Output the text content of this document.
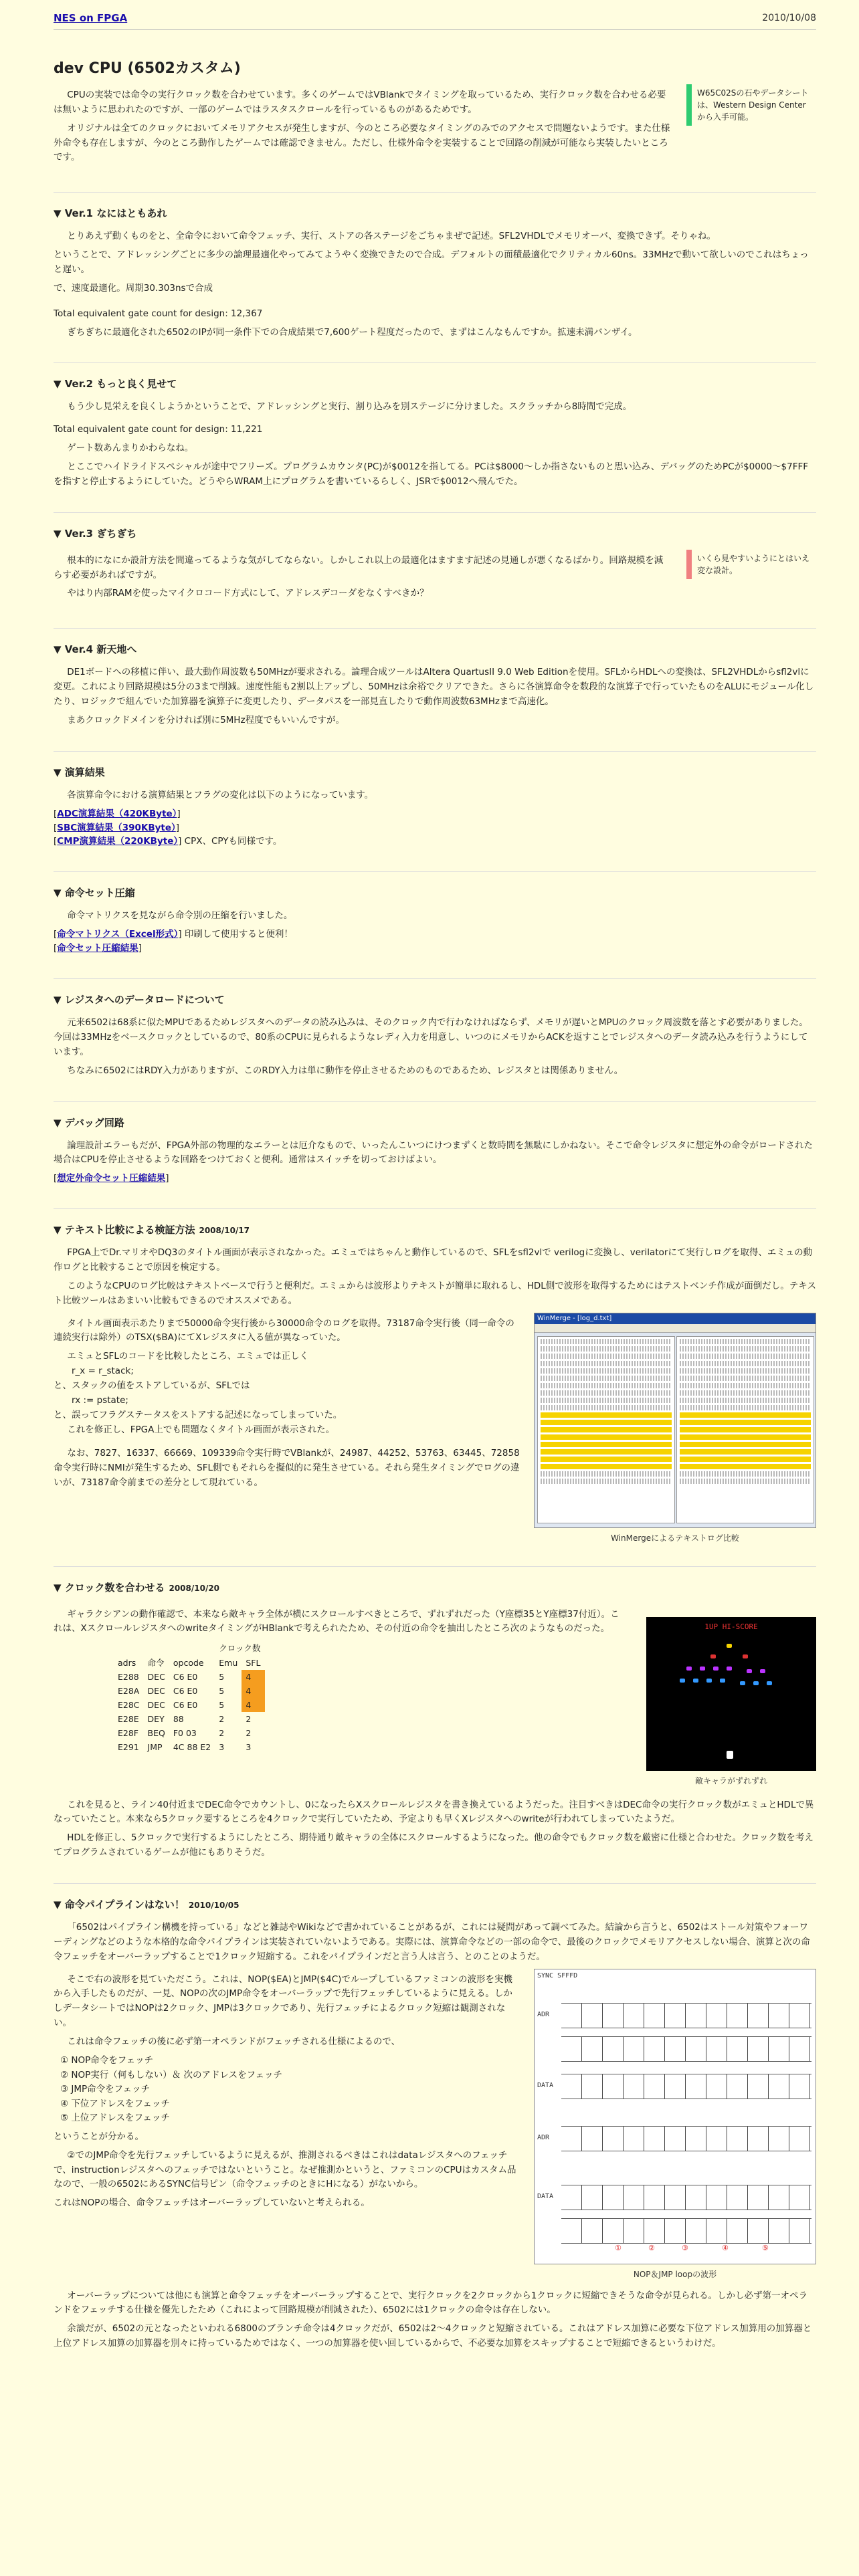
NES on FPGA	2010/10/08
dev CPU (6502カスタム)

CPUの実装では命令の実行クロック数を合わせています。多くのゲームではVBlankでタイミングを取っているため、実行クロック数を合わせる必要は無いように思われたのですが、一部のゲームではラスタスクロールを行っているものがあるためです。

オリジナルは全てのクロックにおいてメモリアクセスが発生しますが、今のところ必要なタイミングのみでのアクセスで問題ないようです。また仕様外命令も存在しますが、今のところ動作したゲームでは確認できません。ただし、仕様外命令を実装することで回路の削減が可能なら実装したいところです。

W65C02Sの石やデータシートは、Western Design Centerから入手可能。
▼ Ver.1 なにはともあれ

とりあえず動くものをと、全命令において命令フェッチ、実行、ストアの各ステージをごちゃまぜで記述。SFL2VHDLでメモリオーバ、変換できず。そりゃね。

ということで、アドレッシングごとに多少の論理最適化やってみてようやく変換できたので合成。デフォルトの面積最適化でクリティカル60ns。33MHzで動いて欲しいのでこれはちょっと遅い。

で、速度最適化。周期30.303nsで合成

Total equivalent gate count for design: 12,367

ぎちぎちに最適化された6502のIPが同一条件下での合成結果で7,600ゲート程度だったので、まずはこんなもんですか。拡速未満バンザイ。

▼ Ver.2 もっと良く見せて

もう少し見栄えを良くしようかということで、アドレッシングと実行、割り込みを別ステージに分けました。スクラッチから8時間で完成。

Total equivalent gate count for design: 11,221

ゲート数あんまりかわらなね。

とここでハイドライドスペシャルが途中でフリーズ。プログラムカウンタ(PC)が$0012を指してる。PCは$8000〜しか指さないものと思い込み、デバッグのためPCが$0000〜$7FFFを指すと停止するようにしていた。どうやらWRAM上にプログラムを書いているらしく、JSRで$0012へ飛んでた。

▼ Ver.3 ぎちぎち

根本的になにか設計方法を間違ってるような気がしてならない。しかしこれ以上の最適化はますます記述の見通しが悪くなるばかり。回路規模を減らす必要があればですが。

やはり内部RAMを使ったマイクロコード方式にして、アドレスデコーダをなくすべきか？

いくら見やすいようにとはいえ変な設計。
▼ Ver.4 新天地へ

DE1ボードへの移植に伴い、最大動作周波数も50MHzが要求される。論理合成ツールはAltera QuartusII 9.0 Web Editionを使用。SFLからHDLへの変換は、SFL2VHDLからsfl2vlに変更。これにより回路規模は5分の3まで削減。速度性能も2割以上アップし、50MHzは余裕でクリアできた。さらに各演算命令を数段的な演算子で行っていたものをALUにモジュール化したり、ロジックで組んでいた加算器を演算子に変更したり、データパスを一部見直したりで動作周波数63MHzまで高速化。

まあクロックドメインを分ければ別に5MHz程度でもいいんですが。

▼ 演算結果

各演算命令における演算結果とフラグの変化は以下のようになっています。

[ADC演算結果（420KByte）]
[SBC演算結果（390KByte）]
[CMP演算結果（220KByte）] CPX、CPYも同様です。
▼ 命令セット圧縮

命令マトリクスを見ながら命令別の圧縮を行いました。

[命令マトリクス（Excel形式）] 印刷して使用すると便利！
[命令セット圧縮結果]
▼ レジスタへのデータロードについて

元来6502は68系に似たMPUであるためレジスタへのデータの読み込みは、そのクロック内で行わなければならず、メモリが遅いとMPUのクロック周波数を落とす必要がありました。今回は33MHzをベースクロックとしているので、80系のCPUに見られるようなレディ入力を用意し、いつのにメモリからACKを返すことでレジスタへのデータ読み込みを行うようにしています。

ちなみに6502にはRDY入力がありますが、このRDY入力は単に動作を停止させるためのものであるため、レジスタとは関係ありません。

▼ デバッグ回路

論理設計エラーもだが、FPGA外部の物理的なエラーとは厄介なもので、いったんこいつにけつまずくと数時間を無駄にしかねない。そこで命令レジスタに想定外の命令がロードされた場合はCPUを停止させるような回路をつけておくと便利。通常はスイッチを切っておけばよい。

[想定外命令セット圧縮結果]
▼ テキスト比較による検証方法 2008/10/17

FPGA上でDr.マリオやDQ3のタイトル画面が表示されなかった。エミュではちゃんと動作しているので、SFLをsfl2vlで verilogに変換し、verilatorにて実行しログを取得、エミュの動作ログと比較することで原因を検定する。

このようなCPUのログ比較はテキストベースで行うと便利だ。エミュからは波形よりテキストが簡単に取れるし、HDL側で波形を取得するためにはテストベンチ作成が面倒だし。テキスト比較ツールはあまいい比較もできるのでオススメである。

タイトル画面表示あたりまで50000命令実行後から30000命令のログを取得。73187命令実行後（同一命令の連続実行は除外）のTSX($BA)にてXレジスタに入る値が異なっていた。

エミュとSFLのコードを比較したところ、エミュでは正しく

r_x = r_stack;

と、スタックの値をストアしているが、SFLでは

rx := pstate;

と、誤ってフラグステータスをストアする記述になってしまっていた。

これを修正し、FPGA上でも問題なくタイトル画面が表示された。

なお、7827、16337、66669、109339命令実行時でVBlankが、24987、44252、53763、63445、72858命令実行時にNMIが発生するため、SFL側でもそれらを擬似的に発生させている。それら発生タイミングでログの違いが、73187命令前までの差分として現れている。

WinMerge - [log_d.txt]
WinMergeによるテキストログ比較
▼ クロック数を合わせる 2008/10/20

ギャラクシアンの動作確認で、本来なら敵キャラ全体が横にスクロールすべきところで、ずれずれだった（Y座標35とY座標37付近）。これは、XスクロールレジスタへのwriteタイミングがHBlankで考えられたため、その付近の命令を抽出したところ次のようなものだった。

			クロック数	
adrs	命令	opcode	Emu	SFL
E288	DEC	C6 E0	5	4
E28A	DEC	C6 E0	5	4
E28C	DEC	C6 E0	5	4
E28E	DEY	88	2	2
E28F	BEQ	F0 03	2	2
E291	JMP	4C 88 E2	3	3
1UP HI-SCORE
敵キャラがずれずれ

これを見ると、ライン40付近までDEC命令でカウントし、0になったらXスクロールレジスタを書き換えているようだった。注目すべきはDEC命令の実行クロック数がエミュとHDLで異なっていたこと。本来なら5クロック要するところを4クロックで実行していたため、予定よりも早くXレジスタへのwriteが行われてしまっていたようだ。

HDLを修正し、5クロックで実行するようにしたところ、期待通り敵キャラの全体にスクロールするようになった。他の命令でもクロック数を厳密に仕様と合わせた。クロック数を考えてプログラムされているゲームが他にもありそうだ。

▼ 命令パイプラインはない！ 2010/10/05

「6502はパイプライン構機を持っている」などと雑誌やWikiなどで書かれていることがあるが、これには疑問があって調べてみた。結論から言うと、6502はストール対策やフォーワーディングなどのような本格的な命令パイプラインは実装されていないようである。実際には、演算命令などの一部の命令で、最後のクロックでメモリアクセスしない場合、演算と次の命令フェッチをオーバーラップすることで1クロック短縮する。これをパイプラインだと言う人は言う、とのことのようだ。

そこで右の波形を見ていただこう。これは、NOP($EA)とJMP($4C)でループしているファミコンの波形を実機から入手したものだが、一見、NOPの次のJMP命令をオーバーラップで先行フェッチしているように見える。しかしデータシートではNOPは2クロック、JMPは3クロックであり、先行フェッチによるクロック短縮は観測されない。

これは命令フェッチの後に必ず第一オペランドがフェッチされる仕様によるので、

① NOP命令をフェッチ
② NOP実行（何もしない）＆ 次のアドレスをフェッチ
③ JMP命令をフェッチ
④ 下位アドレスをフェッチ
⑤ 上位アドレスをフェッチ

ということが分かる。

②でのJMP命令を先行フェッチしているように見えるが、推測されるべきはこれはdataレジスタへのフェッチで、instructionレジスタへのフェッチではないということ。なぜ推測かというと、ファミコンのCPUはカスタム品なので、一般の6502にあるSYNC信号ピン（命令フェッチのときにHになる）がないから。

これはNOPの場合、命令フェッチはオーバーラップしていないと考えられる。

SYNC SFFFD
ADR
DATA
ADR
DATA
①	②	③	④	⑤
NOP＆JMP loopの波形

オーバーラップについては他にも演算と命令フェッチをオーバーラップすることで、実行クロックを2クロックから1クロックに短縮できそうな命令が見られる。しかし必ず第一オペランドをフェッチする仕様を優先したため（これによって回路規模が削減された）、6502には1クロックの命令は存在しない。

余談だが、6502の元となったといわれる6800のブランチ命令は4クロックだが、6502は2〜4クロックと短縮されている。これはアドレス加算に必要な下位アドレス加算用の加算器と上位アドレス加算の加算器を別々に持っているためではなく、一つの加算器を使い回しているからで、不必要な加算をスキップすることで短縮できるというわけだ。
